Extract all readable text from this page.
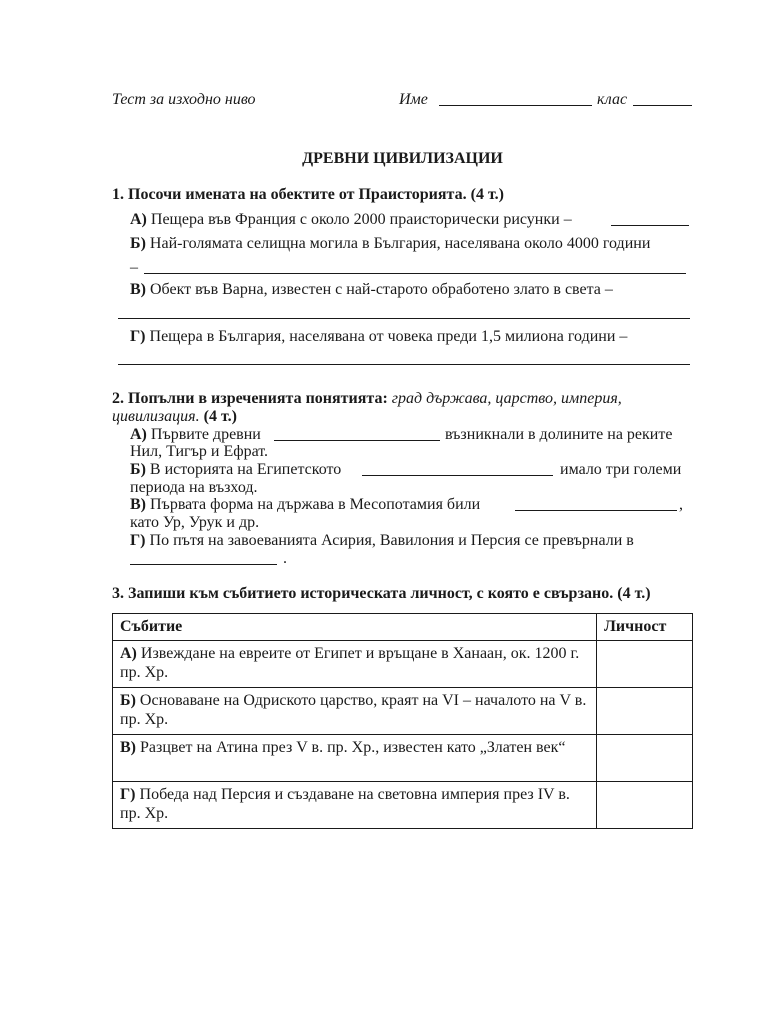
Тест за изходно ниво	Име	клас
ДРЕВНИ ЦИВИЛИЗАЦИИ
1. Посочи имената на обектите от Праисторията. (4 т.)
А) Пещера във Франция с около 2000 праисторически рисунки –
Б) Най-голямата селищна могила в България, населявана около 4000 години
–
В) Обект във Варна, известен с най-старото обработено злато в света –
Г) Пещера в България, населявана от човека преди 1,5 милиона години –
2. Попълни в изреченията понятията: град държава, царство, империя,
цивилизация. (4 т.)
А) Първите древни	възникнали в долините на реките
Нил, Тигър и Ефрат.
Б) В историята на Египетското	имало три големи
периода на възход.
В) Първата форма на държава в Месопотамия били	,
като Ур, Урук и др.
Г) По пътя на завоеванията Асирия, Вавилония и Персия се превърнали в
.
3. Запиши към събитието историческата личност, с която е свързано. (4 т.)
Събитие	Личност
А) Извеждане на евреите от Египет и връщане в Ханаан, ок. 1200 г. пр. Хр.	
Б) Основаване на Одриското царство, краят на VI – началото на V в. пр. Хр.	
В) Разцвет на Атина през V в. пр. Хр., известен като „Златен век“	
Г) Победа над Персия и създаване на световна империя през IV в. пр. Хр.	
